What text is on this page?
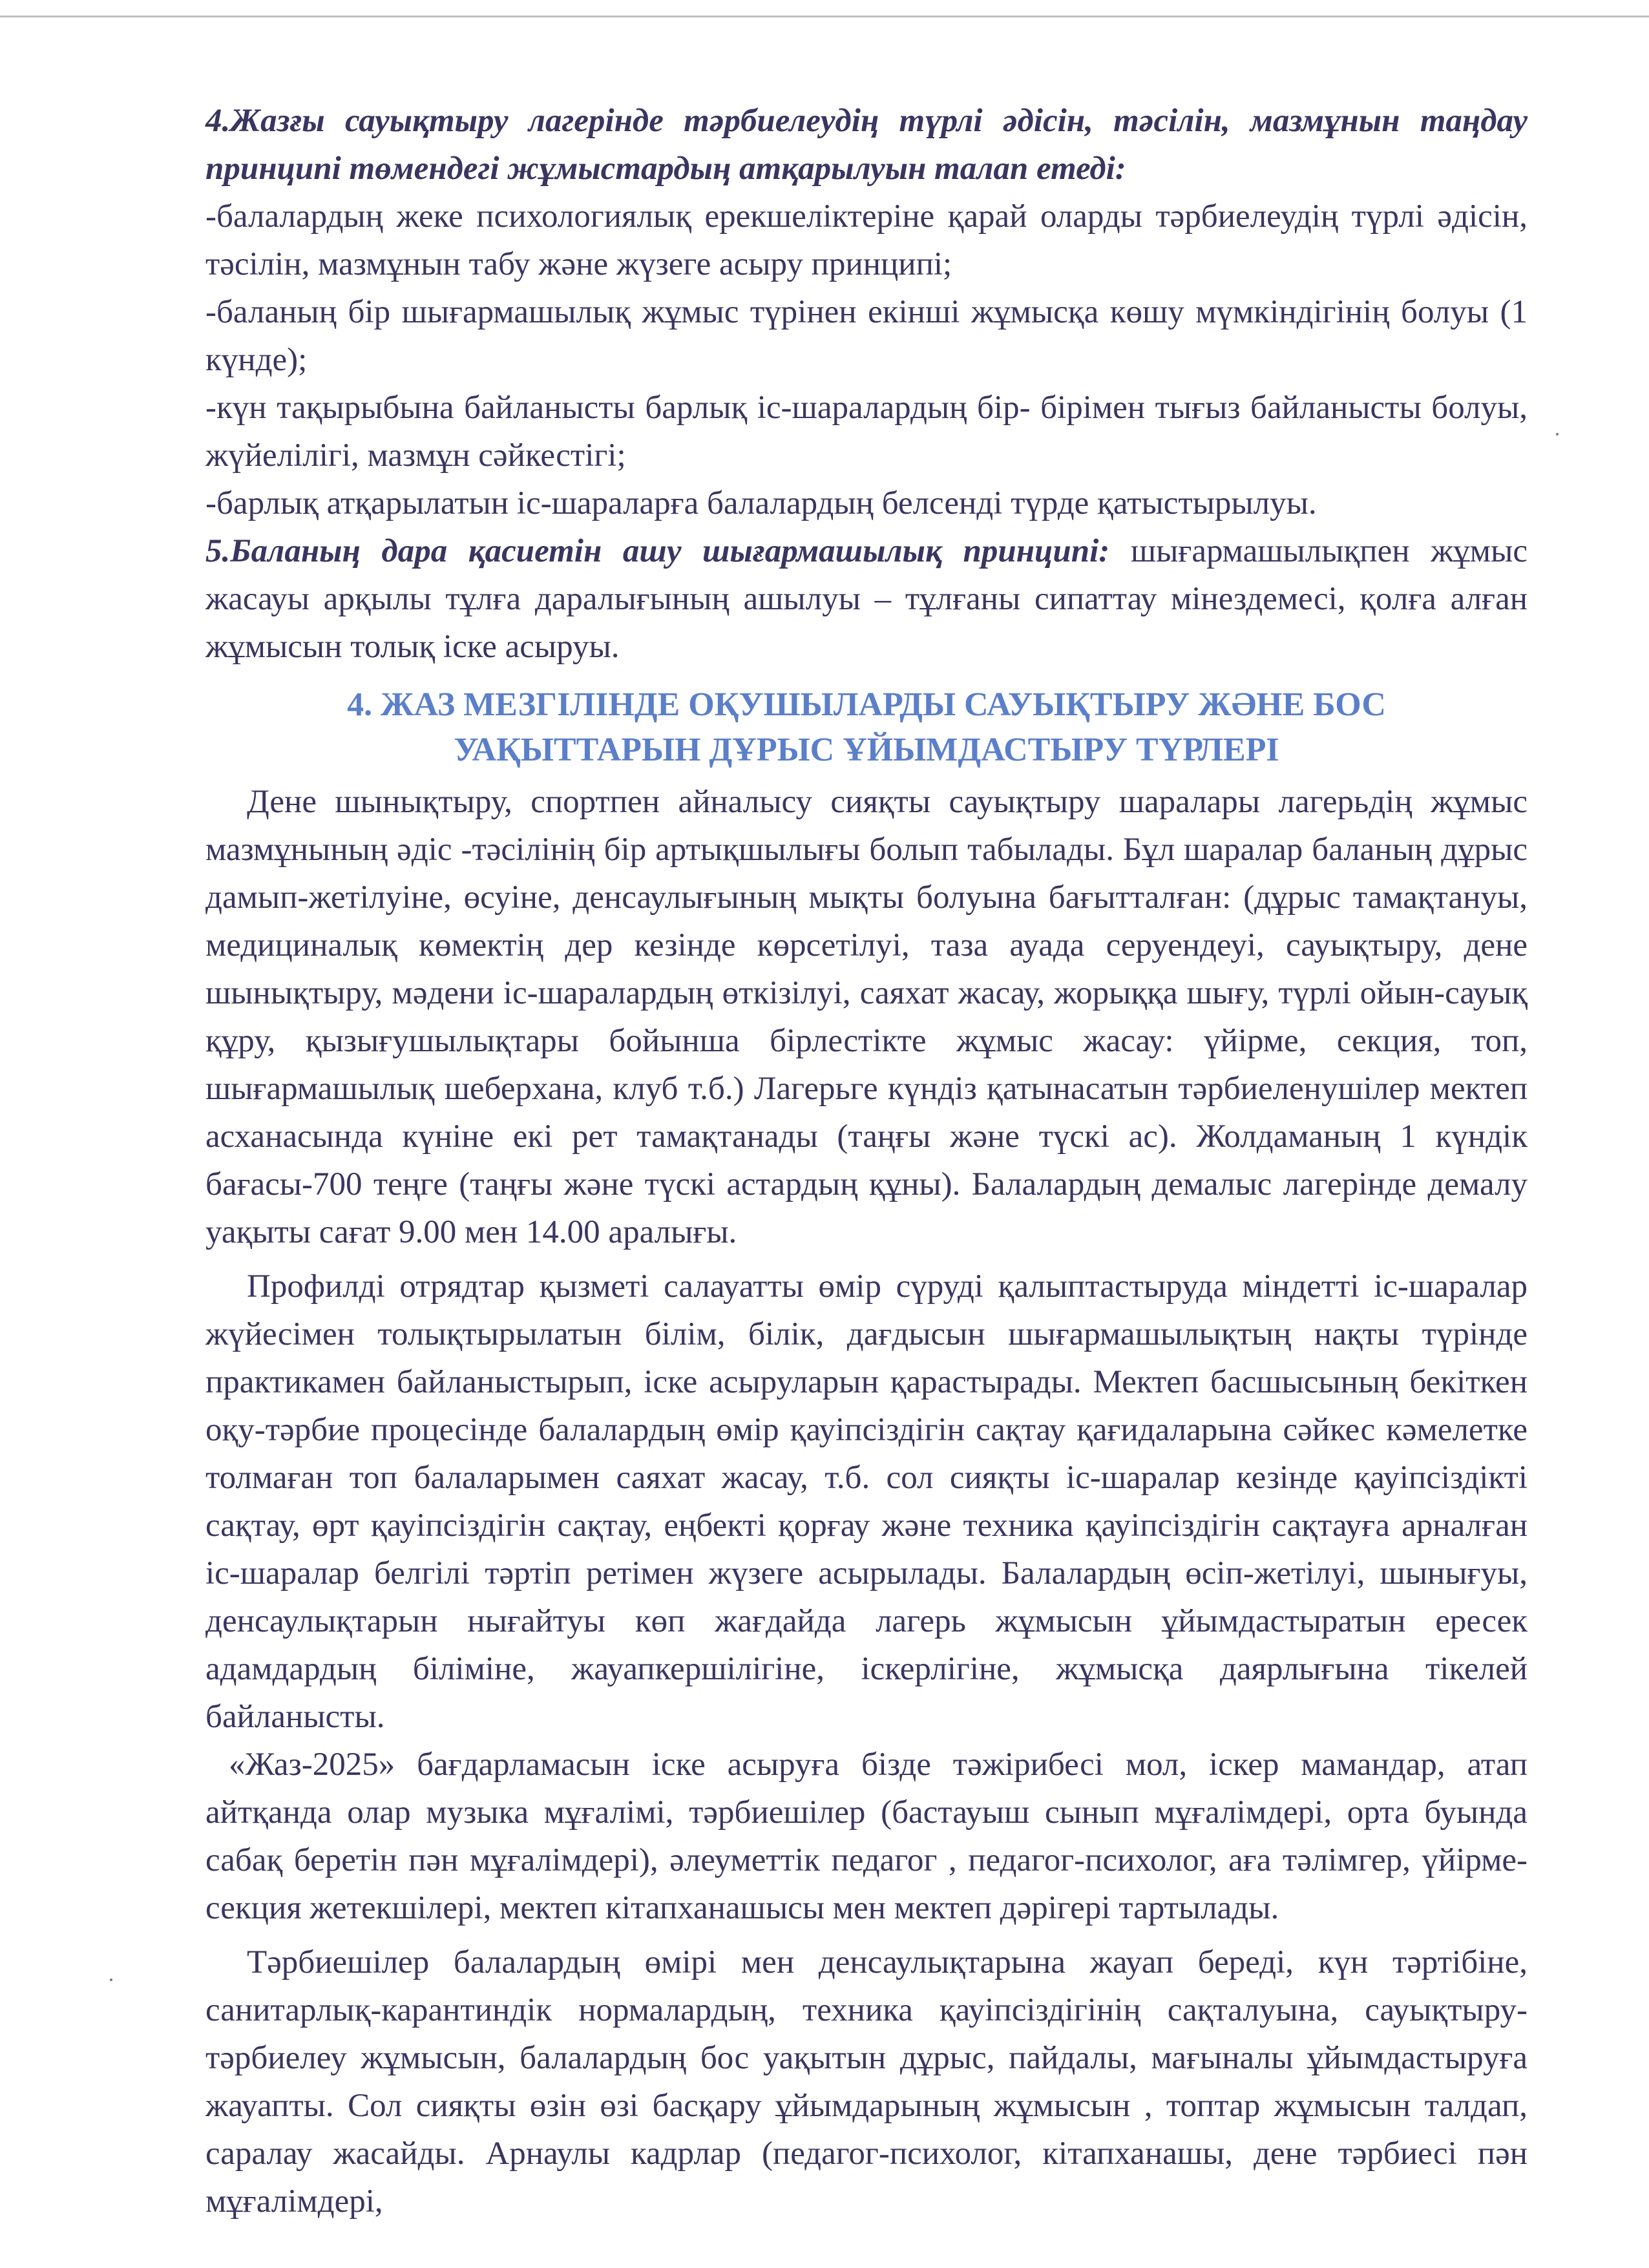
4.Жазғы сауықтыру лагерінде тәрбиелеудің түрлі әдісін, тәсілін, мазмұнын таңдау принципі төмендегі жұмыстардың атқарылуын талап етеді:

-балалардың жеке психологиялық ерекшеліктеріне қарай оларды тәрбиелеудің түрлі әдісін, тәсілін, мазмұнын табу және жүзеге асыру принципі;

-баланың бір шығармашылық жұмыс түрінен екінші жұмысқа көшу мүмкіндігінің болуы (1 күнде);

-күн тақырыбына байланысты барлық іс-шаралардың бір- бірімен тығыз байланысты болуы, жүйелілігі, мазмұн сәйкестігі;

-барлық атқарылатын іс-шараларға балалардың белсенді түрде қатыстырылуы.

5.Баланың дара қасиетін ашу шығармашылық принципі: шығармашылықпен жұмыс жасауы арқылы тұлға даралығының ашылуы – тұлғаны сипаттау мінездемесі, қолға алған жұмысын толық іске асыруы.

4. ЖАЗ МЕЗГІЛІНДЕ ОҚУШЫЛАРДЫ САУЫҚТЫРУ ЖӘНЕ БОС
УАҚЫТТАРЫН ДҰРЫС ҰЙЫМДАСТЫРУ ТҮРЛЕРІ

Дене шынықтыру, спортпен айналысу сияқты сауықтыру шаралары лагерьдің жұмыс мазмұнының әдіс -тәсілінің бір артықшылығы болып табылады. Бұл шаралар баланың дұрыс дамып-жетілуіне, өсуіне, денсаулығының мықты болуына бағытталған: (дұрыс тамақтануы, медициналық көмектің дер кезінде көрсетілуі, таза ауада серуендеуі, сауықтыру, дене шынықтыру, мәдени іс-шаралардың өткізілуі, саяхат жасау, жорыққа шығу, түрлі ойын-сауық құру, қызығушылықтары бойынша бірлестікте жұмыс жасау: үйірме, секция, топ, шығармашылық шеберхана, клуб т.б.) Лагерьге күндіз қатынасатын тәрбиеленушілер мектеп асханасында күніне екі рет тамақтанады (таңғы және түскі ас). Жолдаманың 1 күндік бағасы-700 теңге (таңғы және түскі астардың құны). Балалардың демалыс лагерінде демалу уақыты сағат 9.00 мен 14.00 аралығы.

Профилді отрядтар қызметі салауатты өмір сүруді қалыптастыруда міндетті іс-шаралар жүйесімен толықтырылатын білім, білік, дағдысын шығармашылықтың нақты түрінде практикамен байланыстырып, іске асыруларын қарастырады. Мектеп басшысының бекіткен оқу-тәрбие процесінде балалардың өмір қауіпсіздігін сақтау қағидаларына сәйкес кәмелетке толмаған топ балаларымен саяхат жасау, т.б. сол сияқты іс-шаралар кезінде қауіпсіздікті сақтау, өрт қауіпсіздігін сақтау, еңбекті қорғау және техника қауіпсіздігін сақтауға арналған іс-шаралар белгілі тәртіп ретімен жүзеге асырылады. Балалардың өсіп-жетілуі, шынығуы, денсаулықтарын нығайтуы көп жағдайда лагерь жұмысын ұйымдастыратын ересек адамдардың біліміне, жауапкершілігіне, іскерлігіне, жұмысқа даярлығына тікелей байланысты.

«Жаз-2025» бағдарламасын іске асыруға бізде тәжірибесі мол, іскер мамандар, атап айтқанда олар музыка мұғалімі, тәрбиешілер (бастауыш сынып мұғалімдері, орта буында сабақ беретін пән мұғалімдері), әлеуметтік педагог , педагог-психолог, аға тәлімгер, үйірме-секция жетекшілері, мектеп кітапханашысы мен мектеп дәрігері тартылады.

Тәрбиешілер балалардың өмірі мен денсаулықтарына жауап береді, күн тәртібіне, санитарлық-карантиндік нормалардың, техника қауіпсіздігінің сақталуына, сауықтыру-тәрбиелеу жұмысын, балалардың бос уақытын дұрыс, пайдалы, мағыналы ұйымдастыруға жауапты. Сол сияқты өзін өзі басқару ұйымдарының жұмысын , топтар жұмысын талдап, саралау жасайды. Арнаулы кадрлар (педагог-психолог, кітапханашы, дене тәрбиесі пән мұғалімдері,
